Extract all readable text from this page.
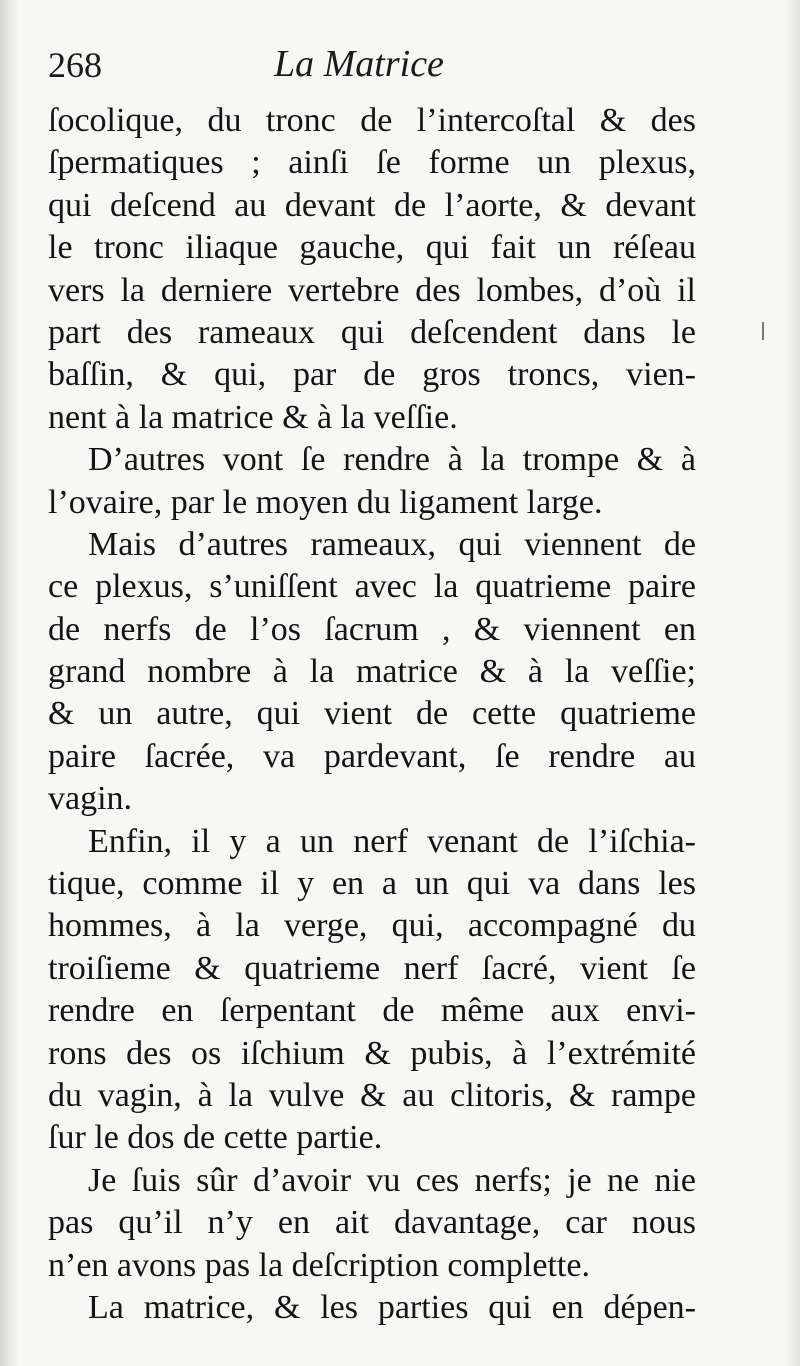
268	La Matrice
ſocolique, du tronc de l’intercoſtal & des
ſpermatiques ; ainſi ſe forme un plexus,
qui deſcend au devant de l’aorte, & devant
le tronc iliaque gauche, qui fait un réſeau
vers la derniere vertebre des lombes, d’où il
part des rameaux qui deſcendent dans le
baſſin, & qui, par de gros troncs, vien-
nent à la matrice & à la veſſie.
D’autres vont ſe rendre à la trompe & à
l’ovaire, par le moyen du ligament large.
Mais d’autres rameaux, qui viennent de
ce plexus, s’uniſſent avec la quatrieme paire
de nerfs de l’os ſacrum , & viennent en
grand nombre à la matrice & à la veſſie;
& un autre, qui vient de cette quatrieme
paire ſacrée, va pardevant, ſe rendre au
vagin.
Enfin, il y a un nerf venant de l’iſchia-
tique, comme il y en a un qui va dans les
hommes, à la verge, qui, accompagné du
troiſieme & quatrieme nerf ſacré, vient ſe
rendre en ſerpentant de même aux envi-
rons des os iſchium & pubis, à l’extrémité
du vagin, à la vulve & au clitoris, & rampe
ſur le dos de cette partie.
Je ſuis sûr d’avoir vu ces nerfs; je ne nie
pas qu’il n’y en ait davantage, car nous
n’en avons pas la deſcription complette.
La matrice, & les parties qui en dépen-
